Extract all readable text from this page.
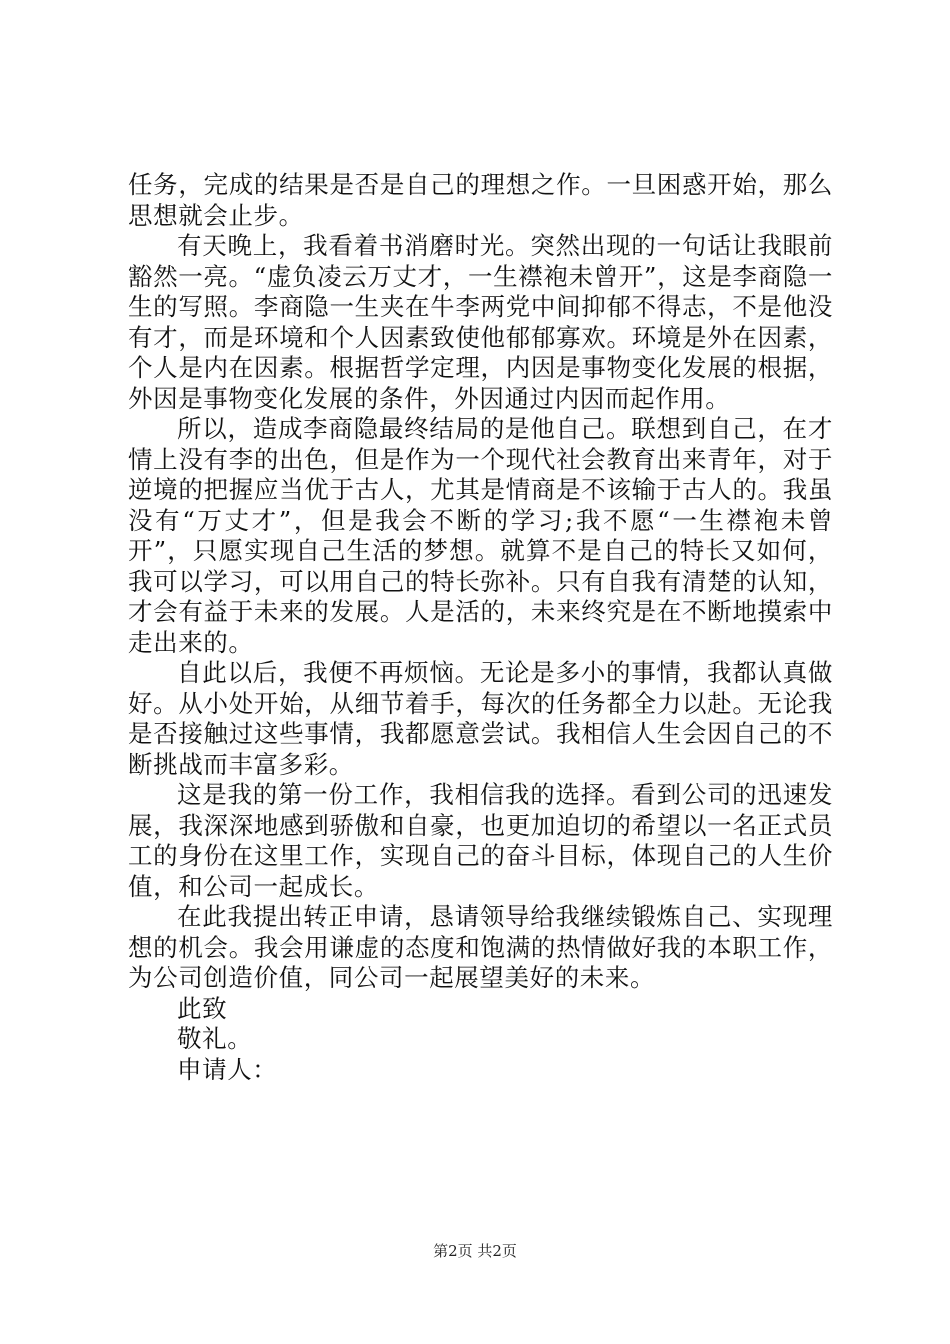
任务，完成的结果是否是自己的理想之作。一旦困惑开始，那么思想就会止步。

有天晚上，我看着书消磨时光。突然出现的一句话让我眼前豁然一亮。“虚负凌云万丈才，一生襟袍未曾开”，这是李商隐一生的写照。李商隐一生夹在牛李两党中间抑郁不得志，不是他没有才，而是环境和个人因素致使他郁郁寡欢。环境是外在因素，个人是内在因素。根据哲学定理，内因是事物变化发展的根据，外因是事物变化发展的条件，外因通过内因而起作用。

所以，造成李商隐最终结局的是他自己。联想到自己，在才情上没有李的出色，但是作为一个现代社会教育出来青年，对于逆境的把握应当优于古人，尤其是情商是不该输于古人的。我虽没有“万丈才”，但是我会不断的学习;我不愿“一生襟袍未曾开”，只愿实现自己生活的梦想。就算不是自己的特长又如何，我可以学习，可以用自己的特长弥补。只有自我有清楚的认知，才会有益于未来的发展。人是活的，未来终究是在不断地摸索中走出来的。

自此以后，我便不再烦恼。无论是多小的事情，我都认真做好。从小处开始，从细节着手，每次的任务都全力以赴。无论我是否接触过这些事情，我都愿意尝试。我相信人生会因自己的不断挑战而丰富多彩。

这是我的第一份工作，我相信我的选择。看到公司的迅速发展，我深深地感到骄傲和自豪，也更加迫切的希望以一名正式员工的身份在这里工作，实现自己的奋斗目标，体现自己的人生价值，和公司一起成长。

在此我提出转正申请，恳请领导给我继续锻炼自己、实现理想的机会。我会用谦虚的态度和饱满的热情做好我的本职工作，为公司创造价值，同公司一起展望美好的未来。

此致

敬礼。

申请人：

第2页 共2页
